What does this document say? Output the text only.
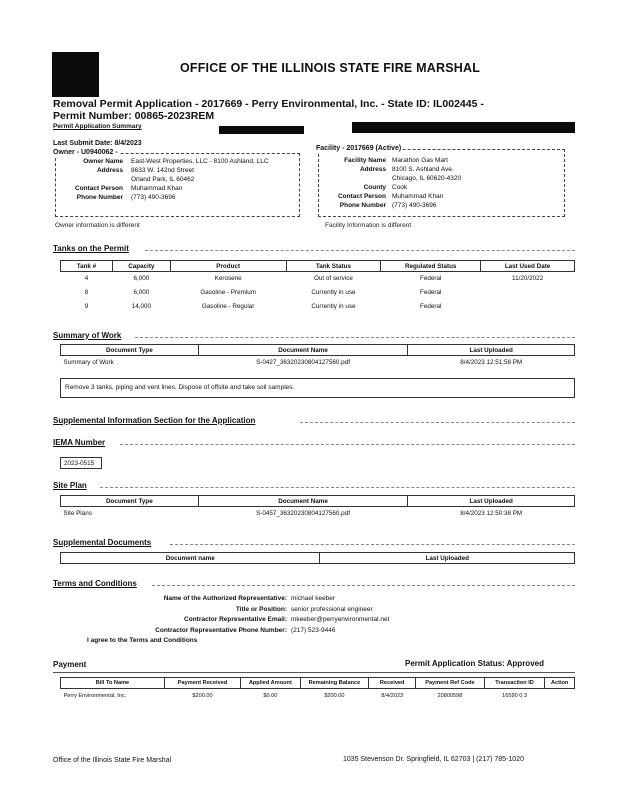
OFFICE OF THE ILLINOIS STATE FIRE MARSHAL
Removal Permit Application - 2017669 - Perry Environmental, Inc. - State ID: IL002445 -
Permit Number: 00865-2023REM
Permit Application Summary
Last Submit Date: 8/4/2023
Owner - U0940062 -
Owner Name East-West Properties, LLC - 8100 Ashland, LLC
Address 8633 W. 142nd Street
Orland Park, IL 60462
Contact Person Muhammad Khan
Phone Number (773) 490-3696
Owner information is different
Facility - 2017669 (Active)
Facility Name Marathon Gas Mart
Address 8100 S. Ashland Ave.
Chicago, IL 60620-4320
County Cook
Contact Person Muhammad Khan
Phone Number (773) 490-3696
Facility Information is different
Tanks on the Permit
Tank #	Capacity	Product	Tank Status	Regulated Status	Last Used Date
4	6,000	Kerosene	Out of service	Federal	11/20/2022
8	6,000	Gasoline - Premium	Currently in use	Federal	
9	14,000	Gasoline - Regular	Currently in use	Federal	
Summary of Work
Document Type	Document Name	Last Uploaded
Summary of Work	S-0427_36320230804127560.pdf	8/4/2023 12:51:58 PM
Remove 3 tanks, piping and vent lines. Dispose of offsite and take soil samples.
Supplemental Information Section for the Application
IEMA Number
2023-0515
Site Plan
Document Type	Document Name	Last Uploaded
Site Plans	S-0457_36320230804127560.pdf	8/4/2023 12:50:38 PM
Supplemental Documents
Document name	Last Uploaded
Terms and Conditions
Name of the Authorized Representative: michael keeber
Title or Position: senior professional engineer
Contractor Representative Email: mkeeber@perryenvironmental.net
Contractor Representative Phone Number: (217) 523-9446
I agree to the Terms and Conditions
Payment	Permit Application Status: Approved
Bill To Name	Payment Received	Applied Amount	Remaining Balance	Received	Payment Ref Code	Transaction ID	Action
Perry Environmental, Inc.	$200.00	$0.00	$200.00	8/4/2023	20800598	16590 0 3	
Office of the Illinois State Fire Marshal	1035 Stevenson Dr. Springfield, IL 62703 | (217) 785-1020
